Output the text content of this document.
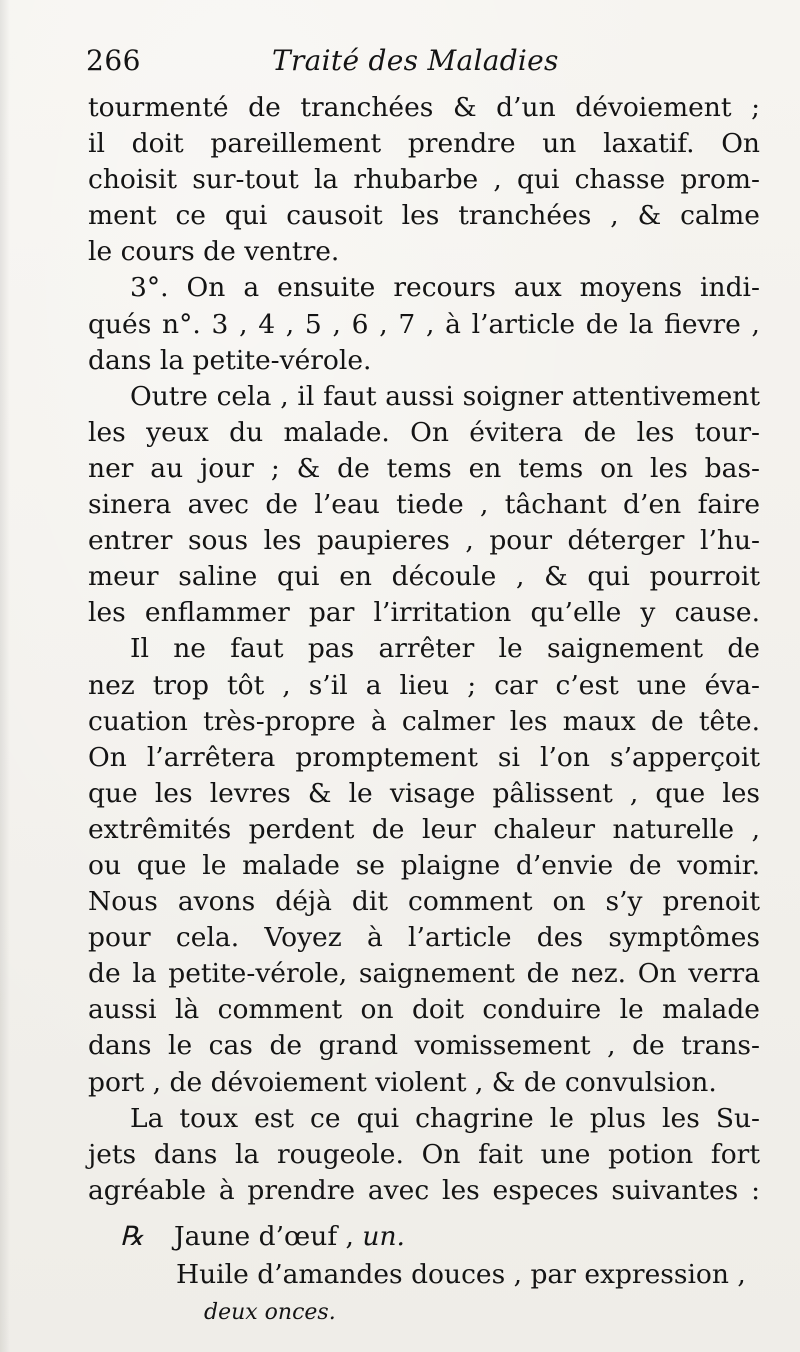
266	Traité des Maladies
tourmenté de tranchées & d’un dévoiement ;
il doit pareillement prendre un laxatif. On
choisit sur-tout la rhubarbe , qui chasse prom-
ment ce qui causoit les tranchées , & calme
le cours de ventre.
3°. On a ensuite recours aux moyens indi-
qués n°. 3 , 4 , 5 , 6 , 7 , à l’article de la fievre ,
dans la petite-vérole.
Outre cela , il faut aussi soigner attentivement
les yeux du malade. On évitera de les tour-
ner au jour ; & de tems en tems on les bas-
sinera avec de l’eau tiede , tâchant d’en faire
entrer sous les paupieres , pour déterger l’hu-
meur saline qui en découle , & qui pourroit
les enflammer par l’irritation qu’elle y cause.
Il ne faut pas arrêter le saignement de
nez trop tôt , s’il a lieu ; car c’est une éva-
cuation très-propre à calmer les maux de tête.
On l’arrêtera promptement si l’on s’apperçoit
que les levres & le visage pâlissent , que les
extrêmités perdent de leur chaleur naturelle ,
ou que le malade se plaigne d’envie de vomir.
Nous avons déjà dit comment on s’y prenoit
pour cela. Voyez à l’article des symptômes
de la petite-vérole, saignement de nez. On verra
aussi là comment on doit conduire le malade
dans le cas de grand vomissement , de trans-
port , de dévoiement violent , & de convulsion.
La toux est ce qui chagrine le plus les Su-
jets dans la rougeole. On fait une potion fort
agréable à prendre avec les especes suivantes :
℞ Jaune d’œuf , un.
Huile d’amandes douces , par expression ,
deux onces.
